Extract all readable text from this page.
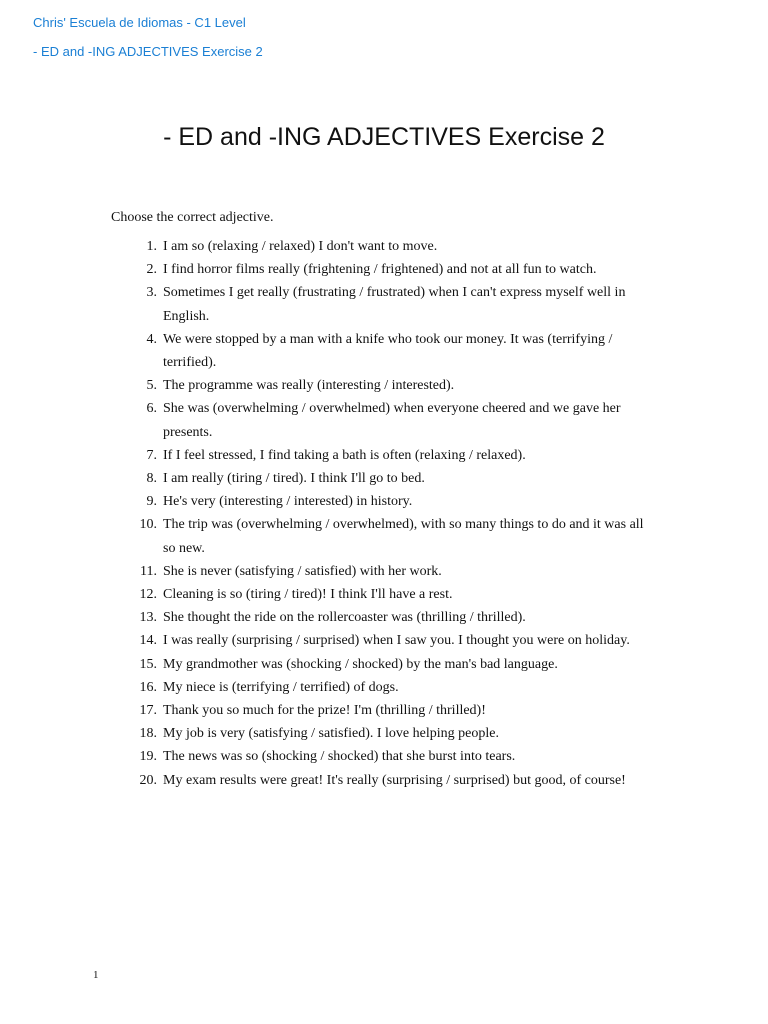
Chris' Escuela de Idiomas - C1 Level
- ED and -ING ADJECTIVES Exercise 2
- ED and -ING ADJECTIVES Exercise 2

Choose the correct adjective.

1. I am so (relaxing / relaxed) I don't want to move.
2. I find horror films really (frightening / frightened) and not at all fun to watch.
3. Sometimes I get really (frustrating / frustrated) when I can't express myself well in English.
4. We were stopped by a man with a knife who took our money. It was (terrifying / terrified).
5. The programme was really (interesting / interested).
6. She was (overwhelming / overwhelmed) when everyone cheered and we gave her presents.
7. If I feel stressed, I find taking a bath is often (relaxing / relaxed).
8. I am really (tiring / tired). I think I'll go to bed.
9. He's very (interesting / interested) in history.
10. The trip was (overwhelming / overwhelmed), with so many things to do and it was all so new.
11. She is never (satisfying / satisfied) with her work.
12. Cleaning is so (tiring / tired)! I think I'll have a rest.
13. She thought the ride on the rollercoaster was (thrilling / thrilled).
14. I was really (surprising / surprised) when I saw you. I thought you were on holiday.
15. My grandmother was (shocking / shocked) by the man's bad language.
16. My niece is (terrifying / terrified) of dogs.
17. Thank you so much for the prize! I'm (thrilling / thrilled)!
18. My job is very (satisfying / satisfied). I love helping people.
19. The news was so (shocking / shocked) that she burst into tears.
20. My exam results were great! It's really (surprising / surprised) but good, of course!
1
